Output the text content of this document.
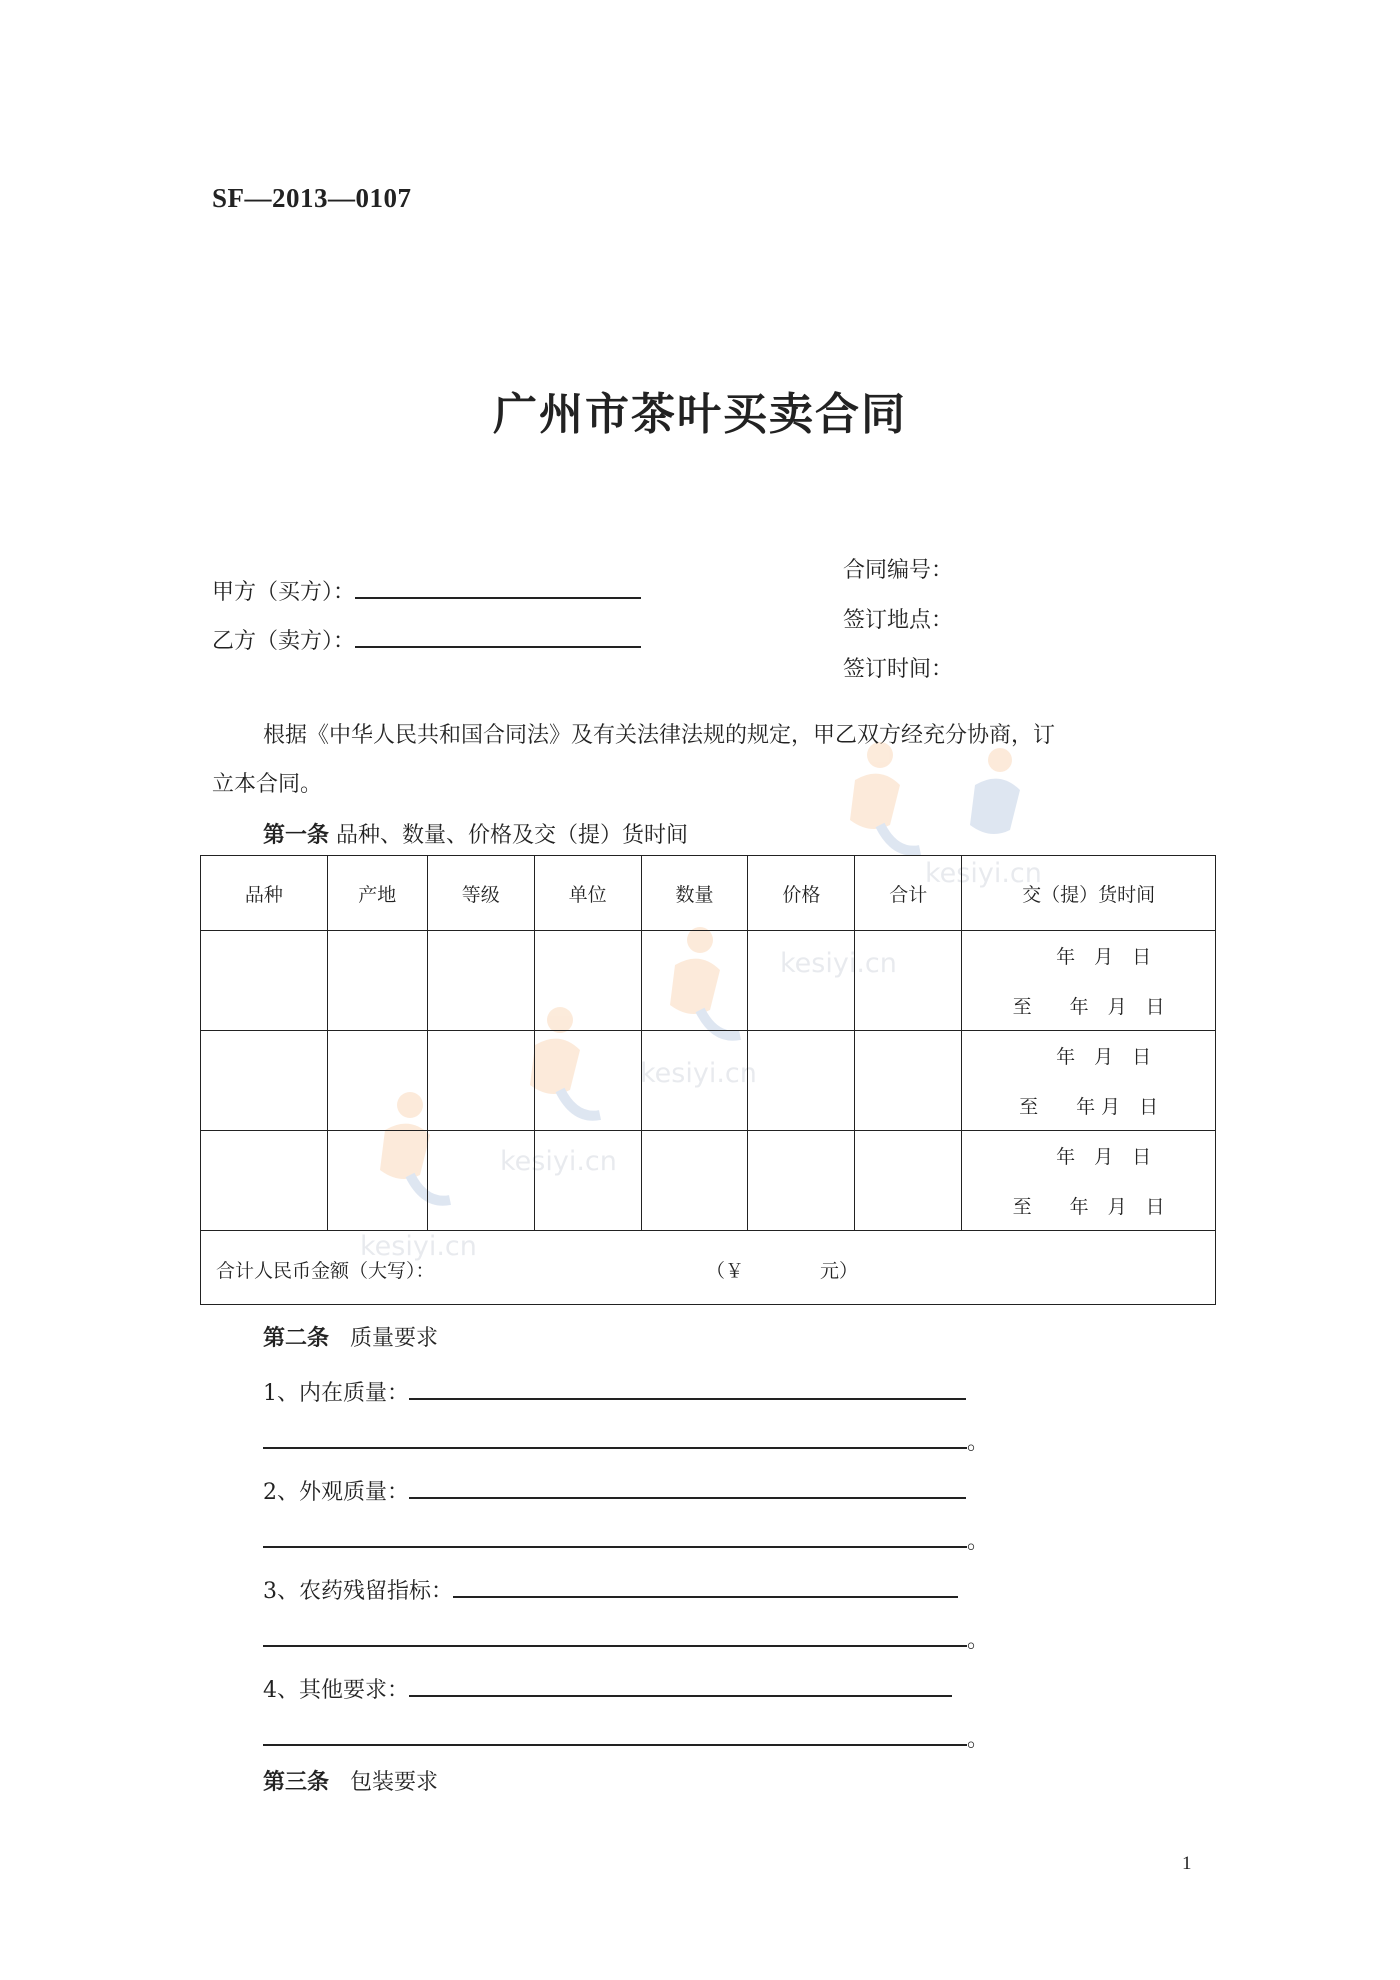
kesiyi.cn
kesiyi.cn
kesiyi.cn
kesiyi.cn
kesiyi.cn
SF—2013—0107
广州市茶叶买卖合同
甲方（买方）：
乙方（卖方）：
合同编号：
签订地点：
签订时间：
根据《中华人民共和国合同法》及有关法律法规的规定，甲乙双方经充分协商，订
立本合同。
第一条 品种、数量、价格及交（提）货时间
品种	产地	等级	单位	数量	价格	合计	交（提）货时间

							年　月　日
至　　年　月　日

							年　月　日
至　　年 月　日

							年　月　日
至　　年　月　日

合计人民币金额（大写）： （￥　　　　元）							
第二条 质量要求
1、内在质量：
。
2、外观质量：
。
3、农药残留指标：
。
4、其他要求：
。
第三条 包装要求
1
